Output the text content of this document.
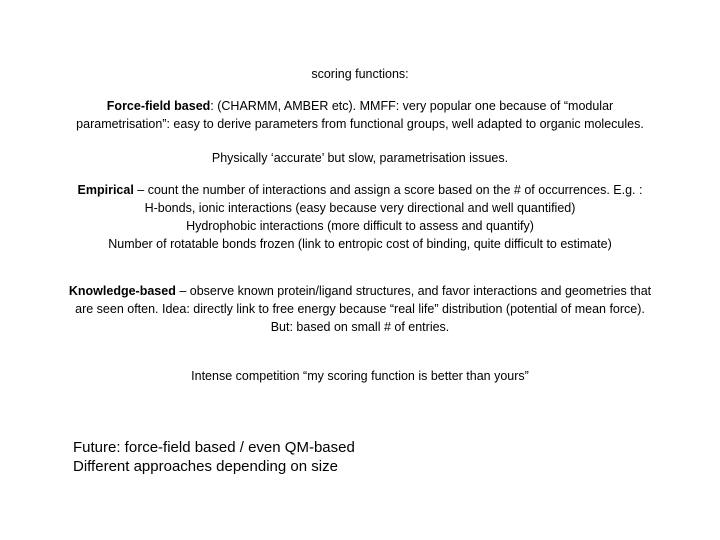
scoring functions:

Force-field based: (CHARMM, AMBER etc). MMFF: very popular one because of “modular

parametrisation”: easy to derive parameters from functional groups, well adapted to organic molecules.

Physically ‘accurate’ but slow, parametrisation issues.

Empirical – count the number of interactions and assign a score based on the # of occurrences. E.g. :

H-bonds, ionic interactions (easy because very directional and well quantified)

Hydrophobic interactions (more difficult to assess and quantify)

Number of rotatable bonds frozen (link to entropic cost of binding, quite difficult to estimate)

Knowledge-based – observe known protein/ligand structures, and favor interactions and geometries that

are seen often. Idea: directly link to free energy because “real life” distribution (potential of mean force).

But: based on small # of entries.

Intense competition “my scoring function is better than yours”

Future: force-field based / even QM-based

Different approaches depending on size
